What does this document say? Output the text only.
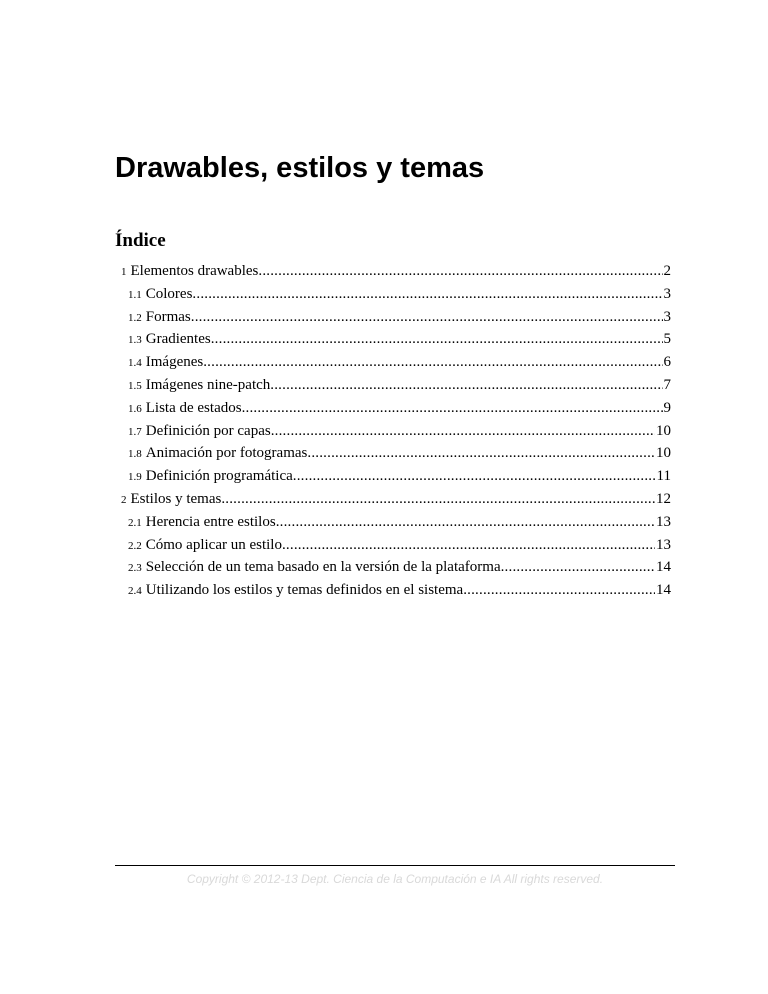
Drawables, estilos y temas
Índice
1 Elementos drawables .....	2
1.1 Colores .....	3
1.2 Formas .....	3
1.3 Gradientes .....	5
1.4 Imágenes .....	6
1.5 Imágenes nine-patch .....	7
1.6 Lista de estados .....	9
1.7 Definición por capas .....	10
1.8 Animación por fotogramas .....	10
1.9 Definición programática .....	11
2 Estilos y temas .....	12
2.1 Herencia entre estilos .....	13
2.2 Cómo aplicar un estilo .....	13
2.3 Selección de un tema basado en la versión de la plataforma .....	14
2.4 Utilizando los estilos y temas definidos en el sistema .....	14

Copyright © 2012-13 Dept. Ciencia de la Computación e IA All rights reserved.
